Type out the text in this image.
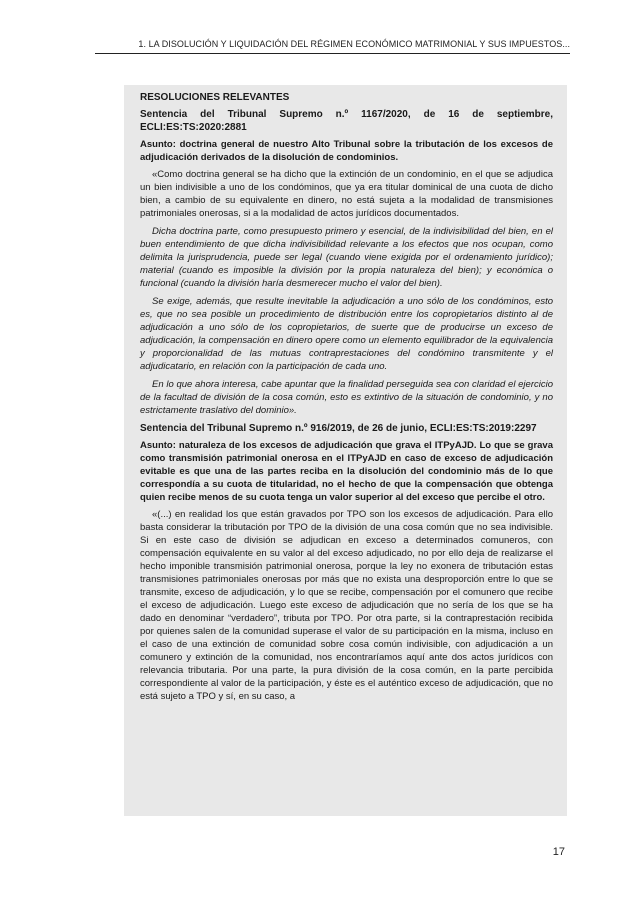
1. LA DISOLUCIÓN Y LIQUIDACIÓN DEL RÉGIMEN ECONÓMICO MATRIMONIAL Y SUS IMPUESTOS...
RESOLUCIONES RELEVANTES
Sentencia del Tribunal Supremo n.º 1167/2020, de 16 de septiembre, ECLI:ES:TS:2020:2881
Asunto: doctrina general de nuestro Alto Tribunal sobre la tributación de los excesos de adjudicación derivados de la disolución de condominios.

«Como doctrina general se ha dicho que la extinción de un condominio, en el que se adjudica un bien indivisible a uno de los condóminos, que ya era titular dominical de una cuota de dicho bien, a cambio de su equivalente en dinero, no está sujeta a la modalidad de transmisiones patrimoniales onerosas, si a la modalidad de actos jurídicos documentados.

Dicha doctrina parte, como presupuesto primero y esencial, de la indivisibilidad del bien, en el buen entendimiento de que dicha indivisibilidad relevante a los efectos que nos ocupan, como delimita la jurisprudencia, puede ser legal (cuando viene exigida por el ordenamiento jurídico); material (cuando es imposible la división por la propia naturaleza del bien); y económica o funcional (cuando la división haría desmerecer mucho el valor del bien).

Se exige, además, que resulte inevitable la adjudicación a uno sólo de los condóminos, esto es, que no sea posible un procedimiento de distribución entre los copropietarios distinto al de adjudicación a uno sólo de los copropietarios, de suerte que de producirse un exceso de adjudicación, la compensación en dinero opere como un elemento equilibrador de la equivalencia y proporcionalidad de las mutuas contraprestaciones del condómino transmitente y el adjudicatario, en relación con la participación de cada uno.

En lo que ahora interesa, cabe apuntar que la finalidad perseguida sea con claridad el ejercicio de la facultad de división de la cosa común, esto es extintivo de la situación de condominio, y no estrictamente traslativo del dominio».

Sentencia del Tribunal Supremo n.º 916/2019, de 26 de junio, ECLI:ES:TS:2019:2297
Asunto: naturaleza de los excesos de adjudicación que grava el ITPyAJD. Lo que se grava como transmisión patrimonial onerosa en el ITPyAJD en caso de exceso de adjudicación evitable es que una de las partes reciba en la disolución del condominio más de lo que correspondía a su cuota de titularidad, no el hecho de que la compensación que obtenga quien recibe menos de su cuota tenga un valor superior al del exceso que percibe el otro.

«(...) en realidad los que están gravados por TPO son los excesos de adjudicación. Para ello basta considerar la tributación por TPO de la división de una cosa común que no sea indivisible. Si en este caso de división se adjudican en exceso a determinados comuneros, con compensación equivalente en su valor al del exceso adjudicado, no por ello deja de realizarse el hecho imponible transmisión patrimonial onerosa, porque la ley no exonera de tributación estas transmisiones patrimoniales onerosas por más que no exista una desproporción entre lo que se transmite, exceso de adjudicación, y lo que se recibe, compensación por el comunero que recibe el exceso de adjudicación. Luego este exceso de adjudicación que no sería de los que se ha dado en denominar “verdadero”, tributa por TPO. Por otra parte, si la contraprestación recibida por quienes salen de la comunidad superase el valor de su participación en la misma, incluso en el caso de una extinción de comunidad sobre cosa común indivisible, con adjudicación a un comunero y extinción de la comunidad, nos encontraríamos aquí ante dos actos jurídicos con relevancia tributaria. Por una parte, la pura división de la cosa común, en la parte percibida correspondiente al valor de la participación, y éste es el auténtico exceso de adjudicación, que no está sujeto a TPO y sí, en su caso, a

17
